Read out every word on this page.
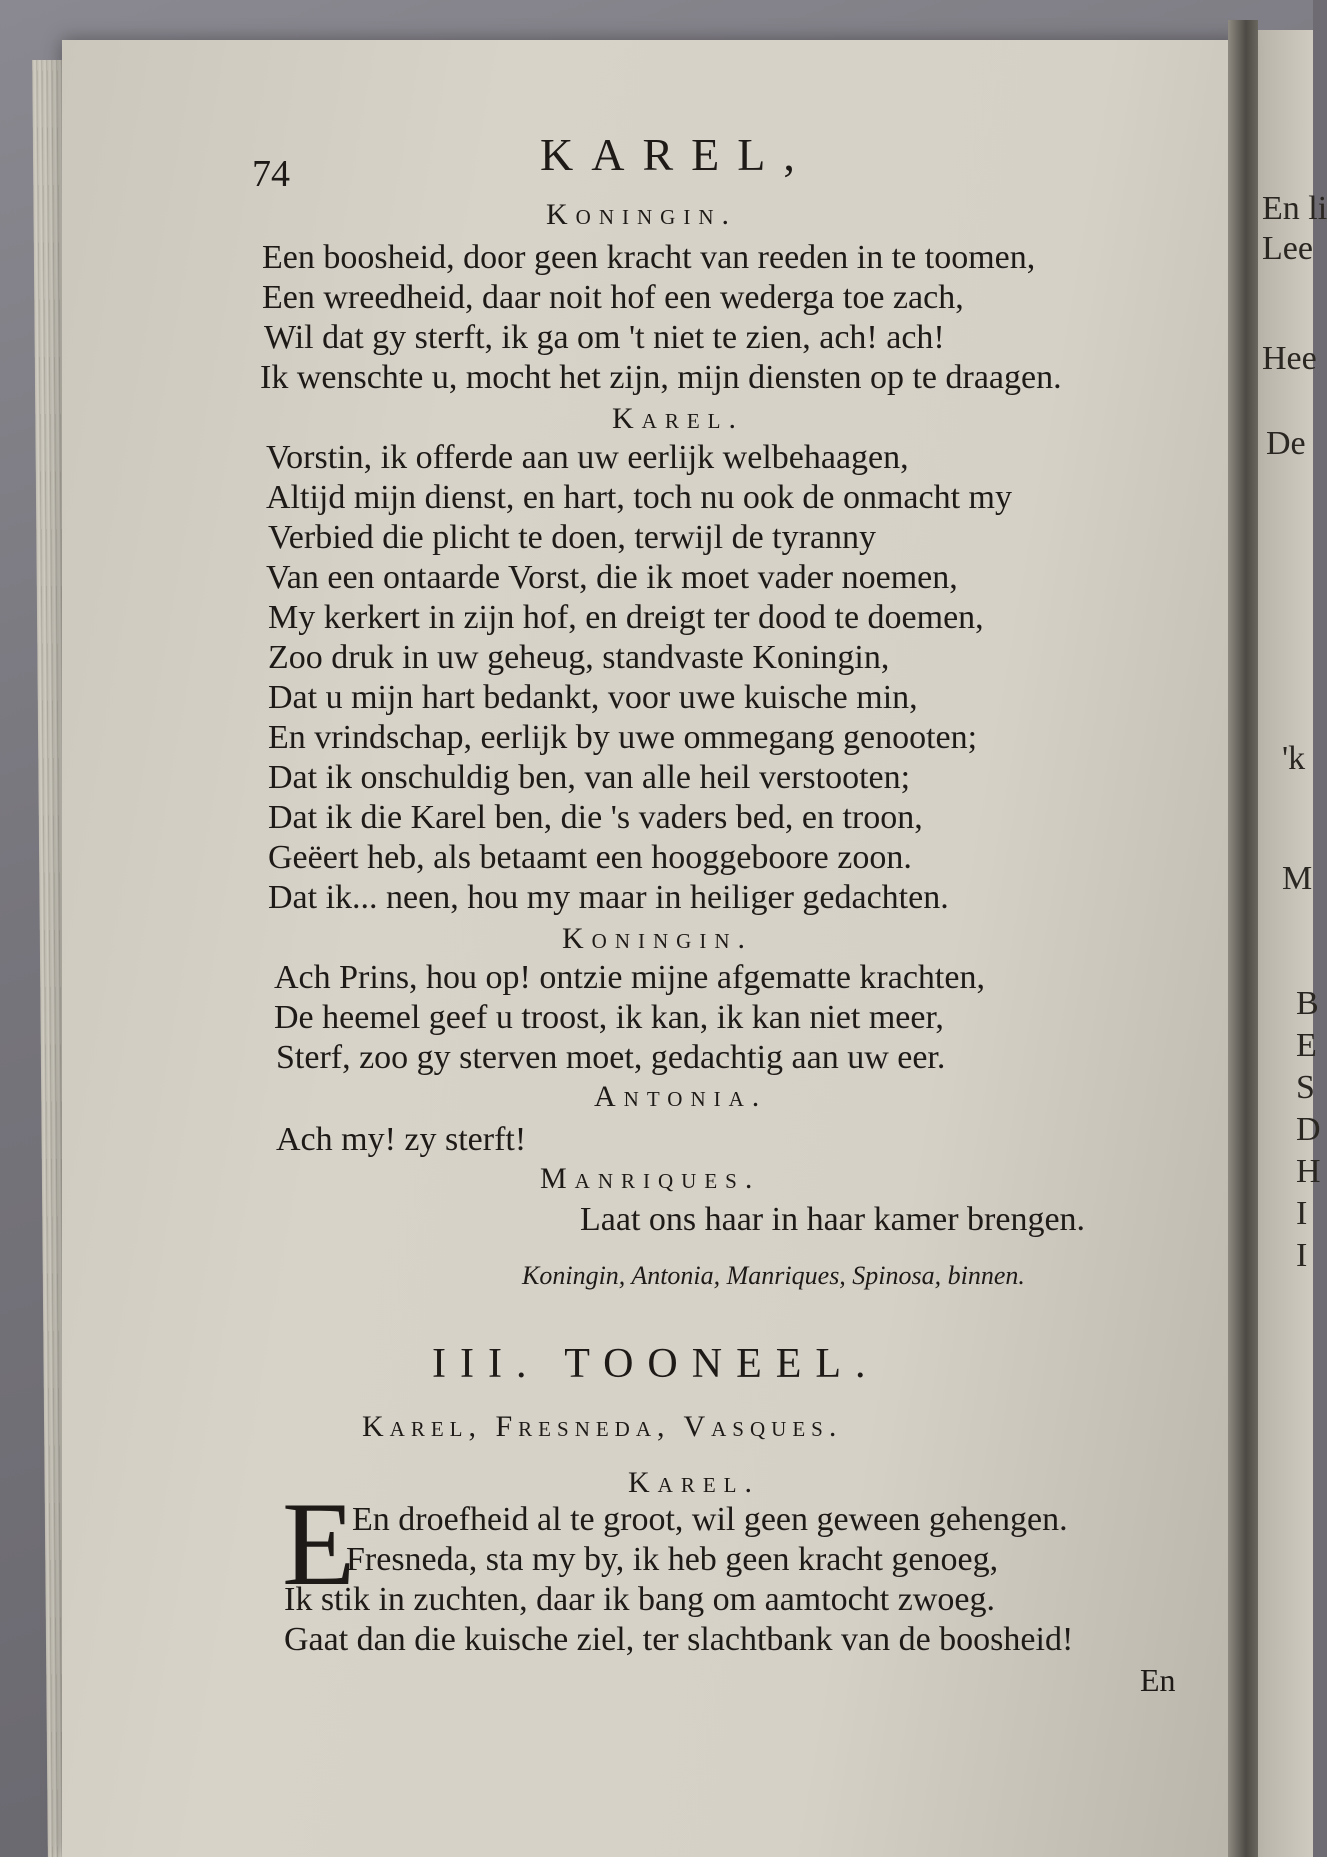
En li
Lee
Hee
De
'k
M
B
E
S
D
H
I
I
74	KAREL,
Koningin.
Een boosheid, door geen kracht van reeden in te toomen,
Een wreedheid, daar noit hof een wederga toe zach,
Wil dat gy sterft, ik ga om 't niet te zien, ach! ach!
Ik wenschte u, mocht het zijn, mijn diensten op te draagen.
Karel.
Vorstin, ik offerde aan uw eerlijk welbehaagen,
Altijd mijn dienst, en hart, toch nu ook de onmacht my
Verbied die plicht te doen, terwijl de tyranny
Van een ontaarde Vorst, die ik moet vader noemen,
My kerkert in zijn hof, en dreigt ter dood te doemen,
Zoo druk in uw geheug, standvaste Koningin,
Dat u mijn hart bedankt, voor uwe kuische min,
En vrindschap, eerlijk by uwe ommegang genooten;
Dat ik onschuldig ben, van alle heil verstooten;
Dat ik die Karel ben, die 's vaders bed, en troon,
Geëert heb, als betaamt een hooggeboore zoon.
Dat ik... neen, hou my maar in heiliger gedachten.
Koningin.
Ach Prins, hou op! ontzie mijne afgematte krachten,
De heemel geef u troost, ik kan, ik kan niet meer,
Sterf, zoo gy sterven moet, gedachtig aan uw eer.
Antonia.
Ach my! zy sterft!
Manriques.
Laat ons haar in haar kamer brengen.
Koningin, Antonia, Manriques, Spinosa, binnen.
III. TOONEEL.
Karel, Fresneda, Vasques.
Karel.
E
En droefheid al te groot, wil geen geween gehengen.
Fresneda, sta my by, ik heb geen kracht genoeg,
Ik stik in zuchten, daar ik bang om aamtocht zwoeg.
Gaat dan die kuische ziel, ter slachtbank van de boosheid!
En
